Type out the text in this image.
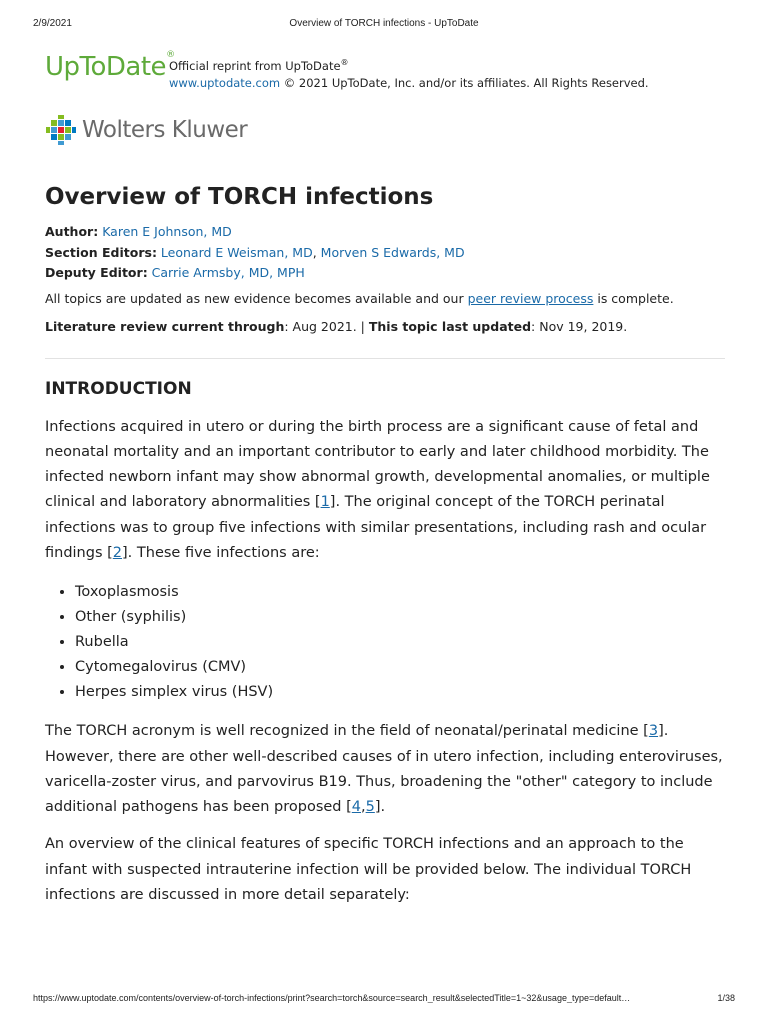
2/9/2021	Overview of TORCH infections - UpToDate
UpToDate®
Official reprint from UpToDate®
www.uptodate.com © 2021 UpToDate, Inc. and/or its affiliates. All Rights Reserved.
Wolters Kluwer
Overview of TORCH infections
Author: Karen E Johnson, MD
Section Editors: Leonard E Weisman, MD, Morven S Edwards, MD
Deputy Editor: Carrie Armsby, MD, MPH
All topics are updated as new evidence becomes available and our peer review process is complete.
Literature review current through: Aug 2021. | This topic last updated: Nov 19, 2019.
INTRODUCTION

Infections acquired in utero or during the birth process are a significant cause of fetal and neonatal mortality and an important contributor to early and later childhood morbidity. The infected newborn infant may show abnormal growth, developmental anomalies, or multiple clinical and laboratory abnormalities [1]. The original concept of the TORCH perinatal infections was to group five infections with similar presentations, including rash and ocular findings [2]. These five infections are:

• Toxoplasmosis
• Other (syphilis)
• Rubella
• Cytomegalovirus (CMV)
• Herpes simplex virus (HSV)

The TORCH acronym is well recognized in the field of neonatal/perinatal medicine [3]. However, there are other well-described causes of in utero infection, including enteroviruses, varicella-zoster virus, and parvovirus B19. Thus, broadening the "other" category to include additional pathogens has been proposed [4,5].

An overview of the clinical features of specific TORCH infections and an approach to the infant with suspected intrauterine infection will be provided below. The individual TORCH infections are discussed in more detail separately:

https://www.uptodate.com/contents/overview-of-torch-infections/print?search=torch&source=search_result&selectedTitle=1~32&usage_type=default…	1/38
